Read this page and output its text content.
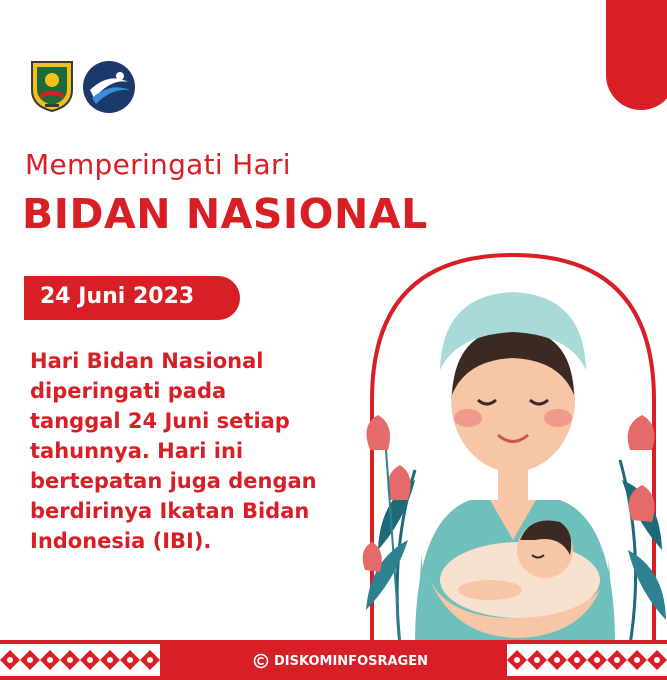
Memperingati Hari
BIDAN NASIONAL
24 Juni 2023

Hari Bidan Nasional
diperingati pada
tanggal 24 Juni setiap
tahunnya. Hari ini
bertepatan juga dengan
berdirinya Ikatan Bidan
Indonesia (IBI).

DISKOMINFOSRAGEN
